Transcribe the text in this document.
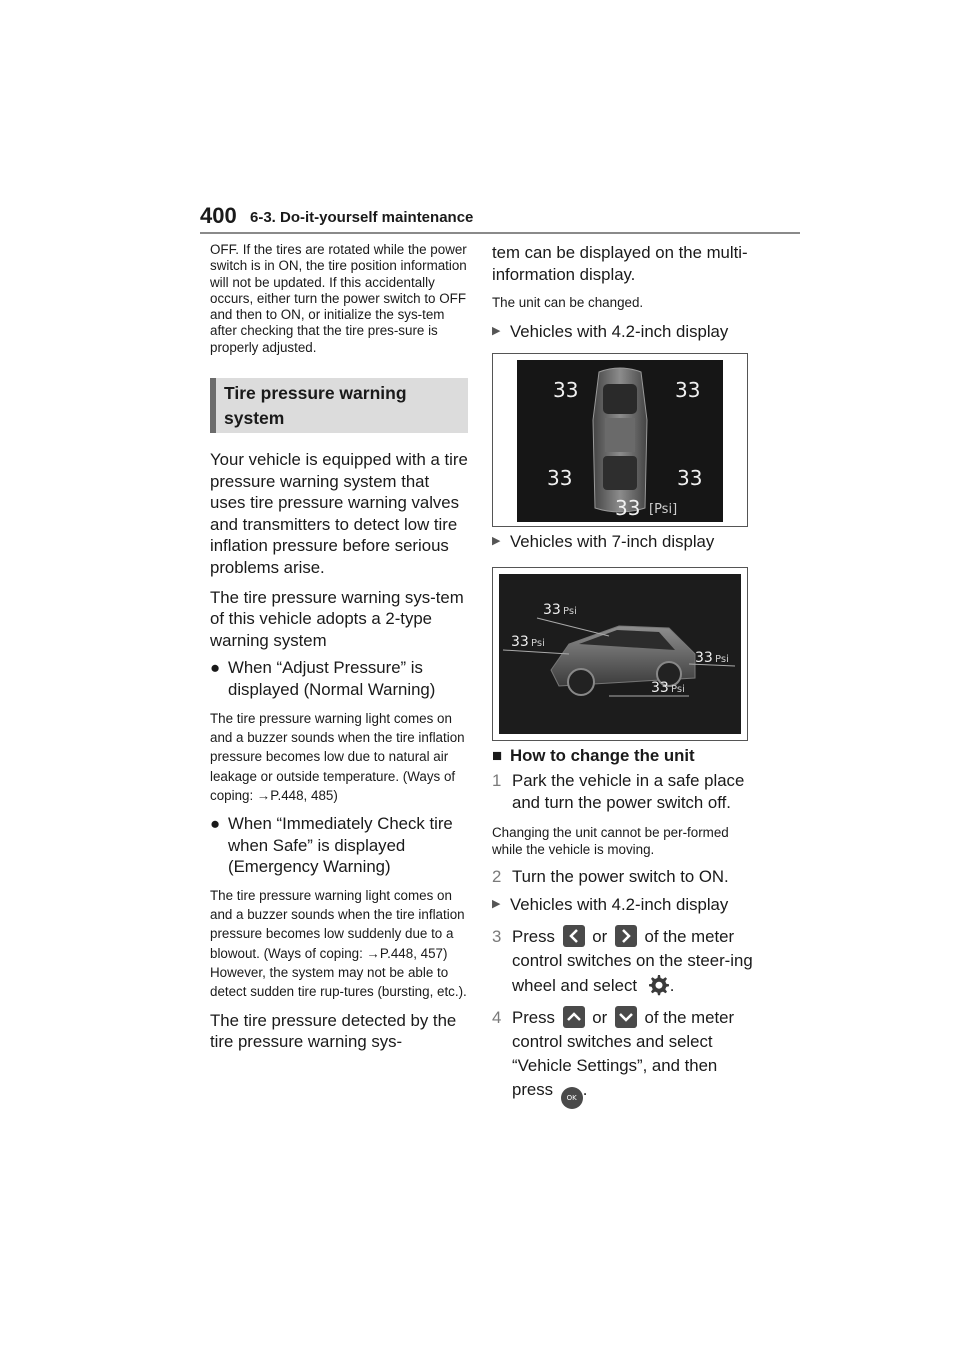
400 6-3. Do-it-yourself maintenance

OFF. If the tires are rotated while the power switch is in ON, the tire position information will not be updated. If this accidentally occurs, either turn the power switch to OFF and then to ON, or initialize the sys-tem after checking that the tire pres-sure is properly adjusted.

Tire pressure warning
system

Your vehicle is equipped with a tire pressure warning system that uses tire pressure warning valves and transmitters to detect low tire inflation pressure before serious problems arise.

The tire pressure warning sys-tem of this vehicle adopts a 2-type warning system

● When “Adjust Pressure” is displayed (Normal Warning)

The tire pressure warning light comes on and a buzzer sounds when the tire inflation pressure becomes low due to natural air leakage or outside temperature. (Ways of coping: →P.448, 485)

● When “Immediately Check tire when Safe” is displayed (Emergency Warning)

The tire pressure warning light comes on and a buzzer sounds when the tire inflation pressure becomes low suddenly due to a blowout. (Ways of coping: →P.448, 457) However, the system may not be able to detect sudden tire rup-tures (bursting, etc.).

The tire pressure detected by the tire pressure warning sys-

tem can be displayed on the multi-information display.

The unit can be changed.

▶ Vehicles with 4.2-inch display
33	33
33	33
33 [Psi]
▶ Vehicles with 7-inch display
33 Psi
33 Psi
33 Psi
33 Psi
■ How to change the unit
1 Park the vehicle in a safe place and turn the power switch off.

Changing the unit cannot be per-formed while the vehicle is moving.

2 Turn the power switch to ON.
▶ Vehicles with 4.2-inch display
3 Press or of the meter control switches on the steer-ing wheel and select .
4 Press or of the meter control switches and select “Vehicle Settings”, and then press OK .
